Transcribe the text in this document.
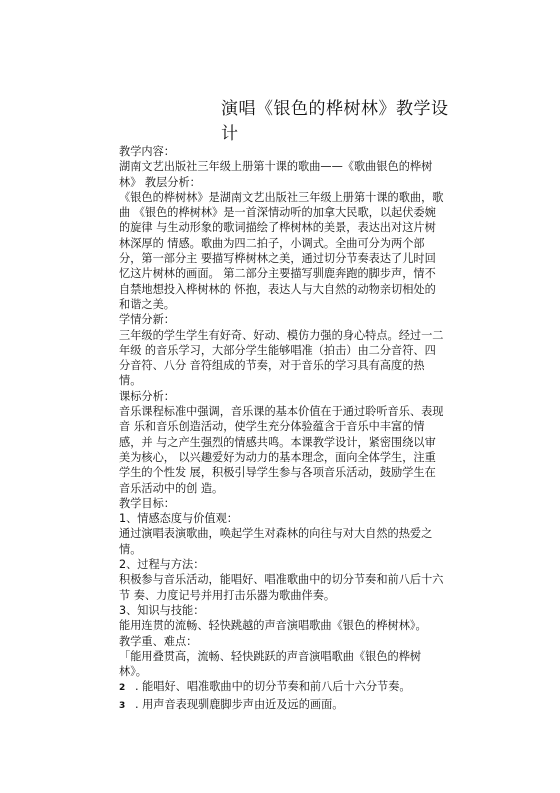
演唱《银色的桦树林》教学设计

教学内容：

湖南文艺出版社三年级上册第十课的歌曲——《歌曲银色的桦树林》 教层分析：

《银色的桦树林》是湖南文艺出版社三年级上册第十课的歌曲，歌曲 《银色的桦树林》是一首深情动听的加拿大民歌，以起伏委婉的旋律 与生动形象的歌词描绘了桦树林的美景，表达出对这片树林深厚的 情感。歌曲为四二拍子，小调式。全曲可分为两个部分，第一部分主 要描写桦树林之美，通过切分节奏表达了儿时回忆这片树林的画面。 第二部分主要描写驯鹿奔跑的脚步声，情不自禁地想投入桦树林的 怀抱，表达人与大自然的动物亲切相处的和谐之美。

学情分新：

三年级的学生学生有好奇、好动、模仿力强的身心特点。经过一二年级 的音乐学习，大部分学生能够唱准（拍击）由二分音符、四分音符、八分 音符组成的节奏，对于音乐的学习具有高度的热情。

课标分析：

音乐课程标准中强调，音乐课的基本价值在于通过聆听音乐、表现音 乐和音乐创造活动，使学生充分体验蕴含于音乐中丰富的情感，并 与之产生强烈的情感共鸣。本课教学设计，紧密围绕以审美为核心， 以兴趣爱好为动力的基本理念，面向全体学生，注重学生的个性发 展，积极引导学生参与各项音乐活动，鼓励学生在音乐活动中的创 造。

教学目标：

1、情感态度与价值观：

通过演唱表演歌曲，唤起学生对森林的向往与对大自然的热爱之情。

2、过程与方法：

积极参与音乐活动，能唱好、唱准歌曲中的切分节奏和前八后十六节 奏、力度记号并用打击乐器为歌曲伴奏。

3、知识与技能：

能用连贯的流畅、轻快跳越的声音演唱歌曲《银色的桦树林》。

教学重、难点：

「能用叠贯高，流畅、轻快跳跃的声音演唱歌曲《银色的桦树林》。

2 . 能唱好、唱准歌曲中的切分节奏和前八后十六分节奏。

3 . 用声音表现驯鹿脚步声由近及远的画面。
